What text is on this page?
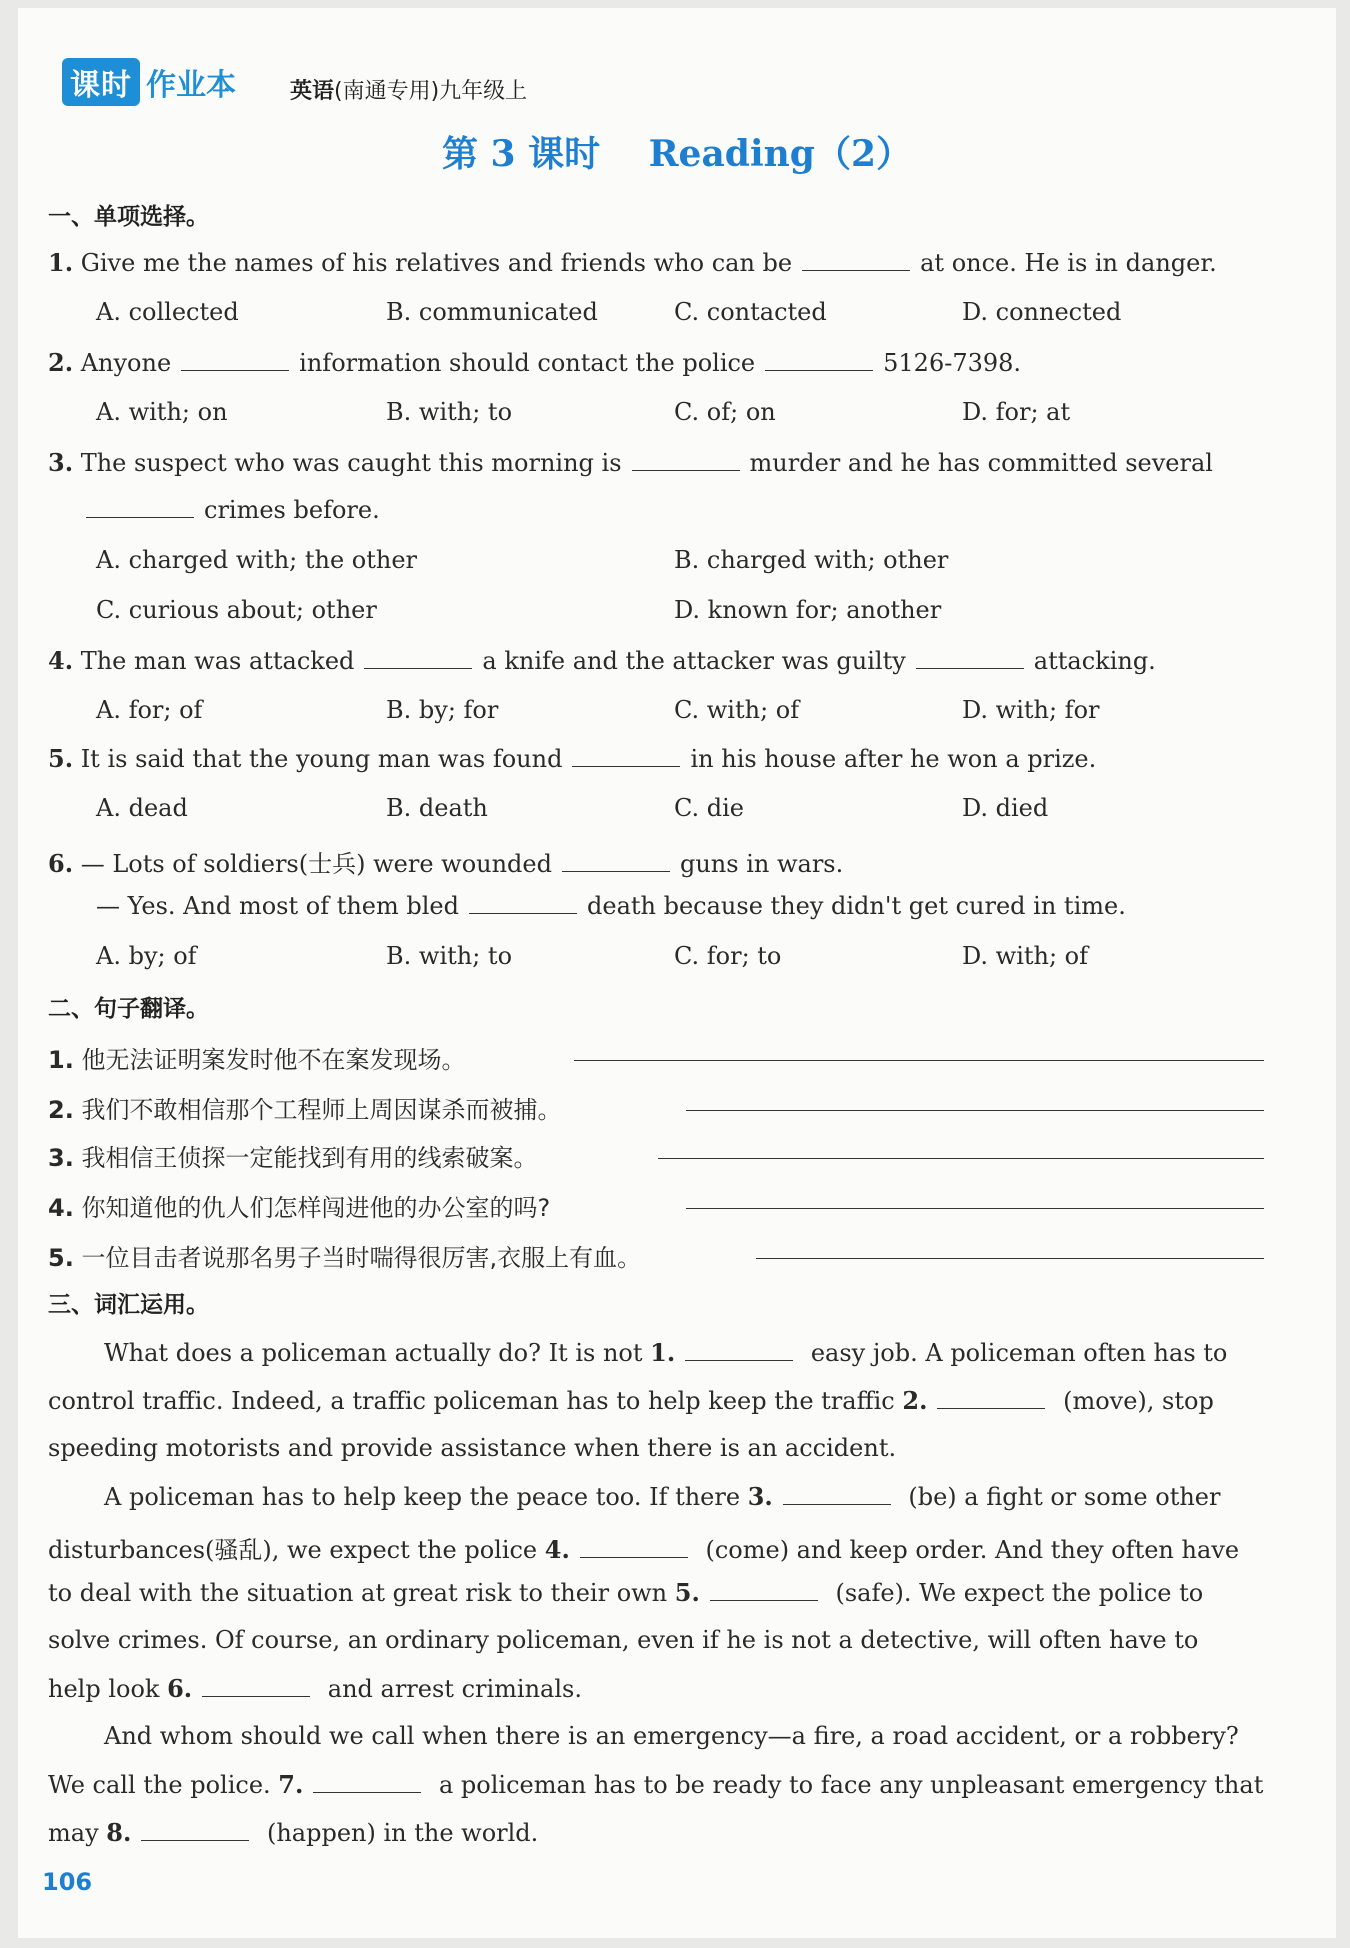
课时 作业本 英语(南通专用)九年级上
第 3 课时　 Reading（2）
一、单项选择。
1. Give me the names of his relatives and friends who can be	at once. He is in danger.
A. collected	B. communicated	C. contacted	D. connected
2. Anyone	information should contact the police	5126-7398.
A. with; on	B. with; to	C. of; on	D. for; at
3. The suspect who was caught this morning is	murder and he has committed several
crimes before.
A. charged with; the other	B. charged with; other
C. curious about; other	D. known for; another
4. The man was attacked	a knife and the attacker was guilty	attacking.
A. for; of	B. by; for	C. with; of	D. with; for
5. It is said that the young man was found	in his house after he won a prize.
A. dead	B. death	C. die	D. died
6. — Lots of soldiers(士兵) were wounded	guns in wars.
— Yes. And most of them bled	death because they didn't get cured in time.
A. by; of	B. with; to	C. for; to	D. with; of
二、句子翻译。
1. 他无法证明案发时他不在案发现场。
2. 我们不敢相信那个工程师上周因谋杀而被捕。
3. 我相信王侦探一定能找到有用的线索破案。
4. 你知道他的仇人们怎样闯进他的办公室的吗?
5. 一位目击者说那名男子当时喘得很厉害,衣服上有血。
三、词汇运用。
What does a policeman actually do? It is not 1.	easy job. A policeman often has to
control traffic. Indeed, a traffic policeman has to help keep the traffic 2.	(move), stop
speeding motorists and provide assistance when there is an accident.
A policeman has to help keep the peace too. If there 3.	(be) a fight or some other
disturbances(骚乱), we expect the police 4.	(come) and keep order. And they often have
to deal with the situation at great risk to their own 5.	(safe). We expect the police to
solve crimes. Of course, an ordinary policeman, even if he is not a detective, will often have to
help look 6.	and arrest criminals.
And whom should we call when there is an emergency—a fire, a road accident, or a robbery?
We call the police. 7.	a policeman has to be ready to face any unpleasant emergency that
may 8.	(happen) in the world.
106
